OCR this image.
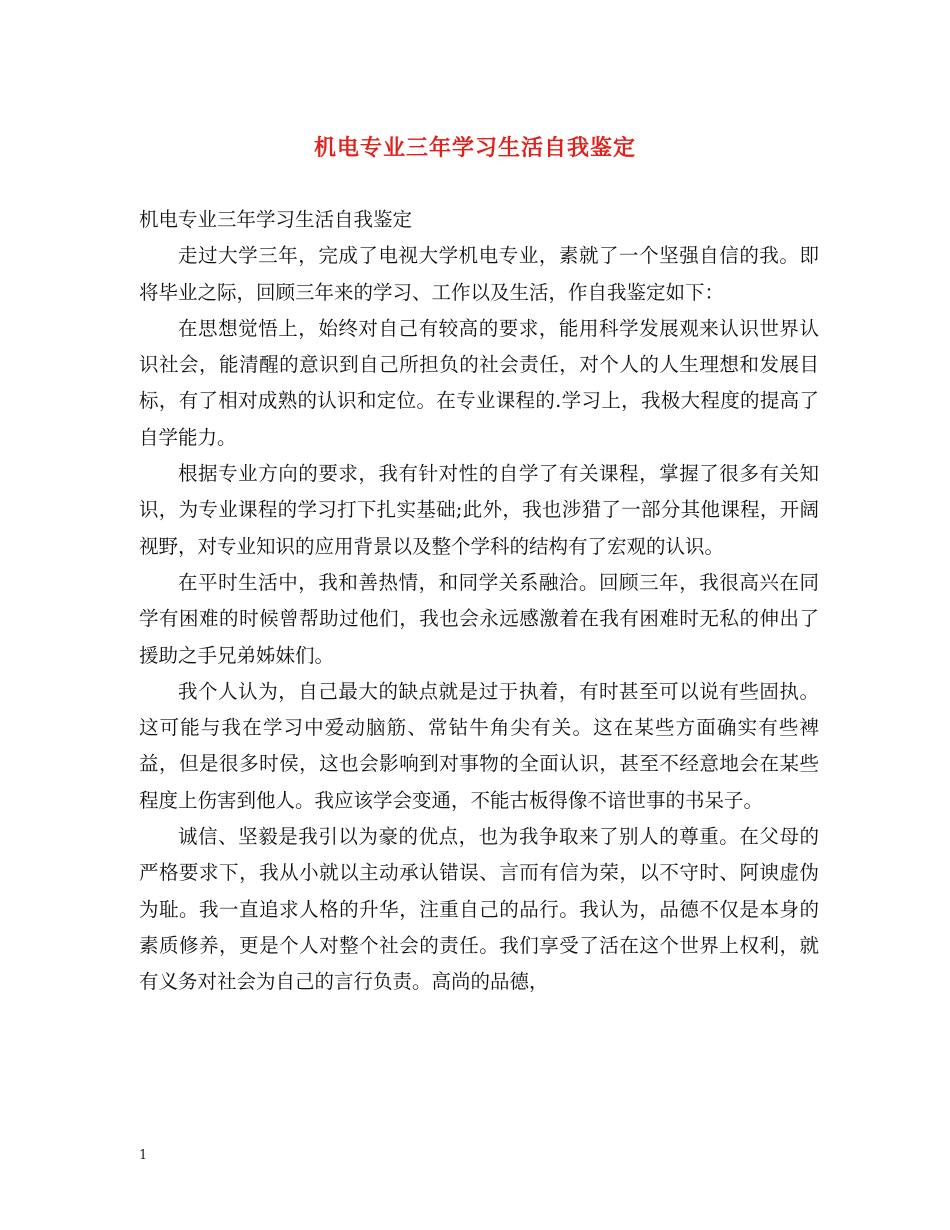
机电专业三年学习生活自我鉴定

机电专业三年学习生活自我鉴定

走过大学三年，完成了电视大学机电专业，素就了一个坚强自信的我。即将毕业之际，回顾三年来的学习、工作以及生活，作自我鉴定如下：

在思想觉悟上，始终对自己有较高的要求，能用科学发展观来认识世界认识社会，能清醒的意识到自己所担负的社会责任，对个人的人生理想和发展目标，有了相对成熟的认识和定位。在专业课程的.学习上，我极大程度的提高了自学能力。

根据专业方向的要求，我有针对性的自学了有关课程，掌握了很多有关知识，为专业课程的学习打下扎实基础;此外，我也涉猎了一部分其他课程，开阔视野，对专业知识的应用背景以及整个学科的结构有了宏观的认识。

在平时生活中，我和善热情，和同学关系融洽。回顾三年，我很高兴在同学有困难的时候曾帮助过他们，我也会永远感激着在我有困难时无私的伸出了援助之手兄弟姊妹们。

我个人认为，自己最大的缺点就是过于执着，有时甚至可以说有些固执。这可能与我在学习中爱动脑筋、常钻牛角尖有关。这在某些方面确实有些裨益，但是很多时侯，这也会影响到对事物的全面认识，甚至不经意地会在某些程度上伤害到他人。我应该学会变通，不能古板得像不谙世事的书呆子。

诚信、坚毅是我引以为豪的优点，也为我争取来了别人的尊重。在父母的严格要求下，我从小就以主动承认错误、言而有信为荣，以不守时、阿谀虚伪为耻。我一直追求人格的升华，注重自己的品行。我认为，品德不仅是本身的素质修养，更是个人对整个社会的责任。我们享受了活在这个世界上权利，就有义务对社会为自己的言行负责。高尚的品德，

1
